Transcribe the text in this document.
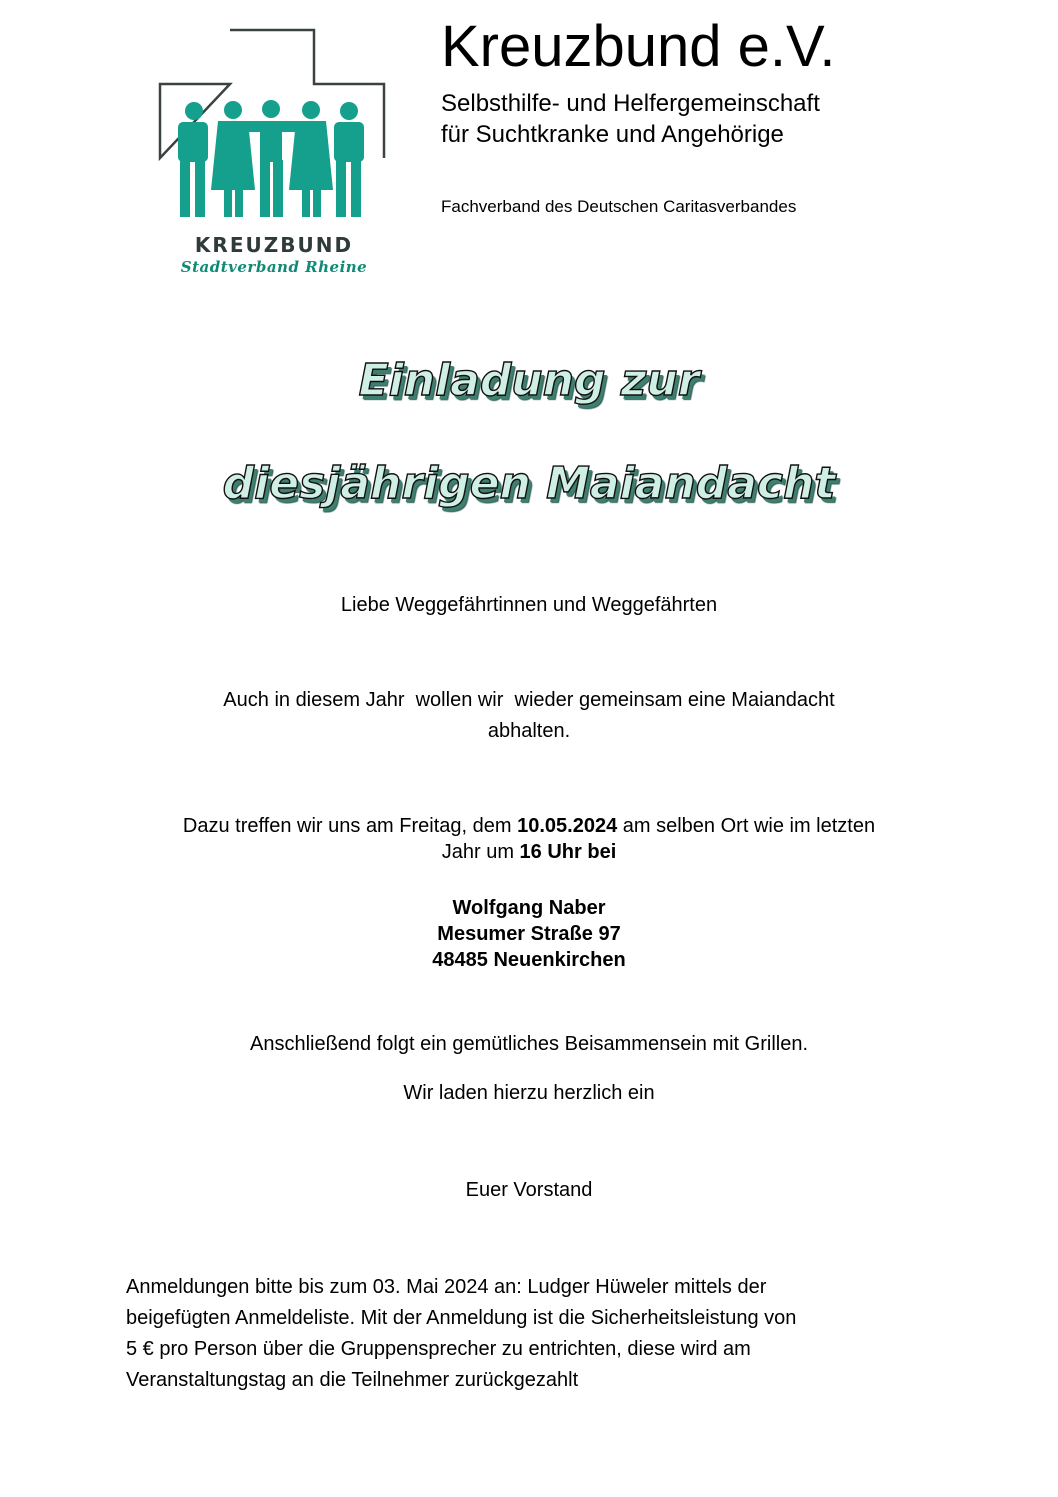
KREUZBUND
Stadtverband Rheine
Kreuzbund e.V.
Selbsthilfe- und Helfergemeinschaft
für Suchtkranke und Angehörige
Fachverband des Deutschen Caritasverbandes
Einladung zur
diesjährigen Maiandacht
Liebe Weggefährtinnen und Weggefährten
Auch in diesem Jahr  wollen wir  wieder gemeinsam eine Maiandacht
abhalten.
Dazu treffen wir uns am Freitag, dem 10.05.2024 am selben Ort wie im letzten
Jahr um 16 Uhr bei
Wolfgang Naber
Mesumer Straße 97
48485 Neuenkirchen
Anschließend folgt ein gemütliches Beisammensein mit Grillen.
Wir laden hierzu herzlich ein
Euer Vorstand
Anmeldungen bitte bis zum 03. Mai 2024 an: Ludger Hüweler mittels der
beigefügten Anmeldeliste. Mit der Anmeldung ist die Sicherheitsleistung von
5 € pro Person über die Gruppensprecher zu entrichten, diese wird am
Veranstaltungstag an die Teilnehmer zurückgezahlt
